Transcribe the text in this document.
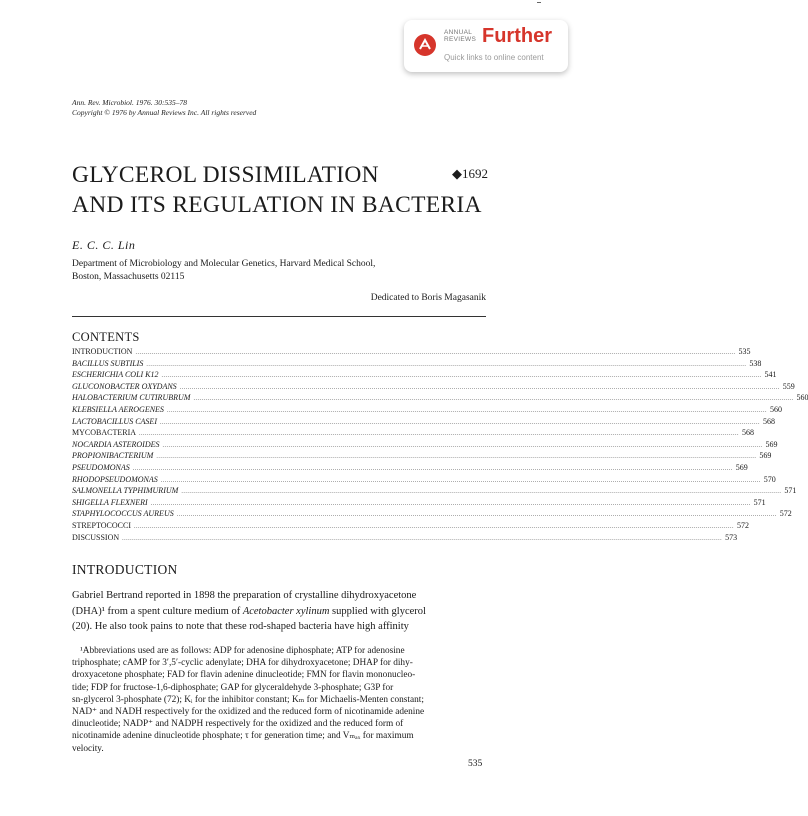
ANNUAL
REVIEWS Further
Quick links to online content
Ann. Rev. Microbiol. 1976. 30:535–78
Copyright © 1976 by Annual Reviews Inc. All rights reserved
GLYCEROL DISSIMILATION
AND ITS REGULATION IN BACTERIA
◆1692
E. C. C. Lin
Department of Microbiology and Molecular Genetics, Harvard Medical School,
Boston, Massachusetts 02115
Dedicated to Boris Magasanik
CONTENTS
INTRODUCTION ............................................................................................................................................................................................................................................................................................................ 535
BACILLUS SUBTILIS ............................................................................................................................................................................................................................................................................................................ 538
ESCHERICHIA COLI K12 ............................................................................................................................................................................................................................................................................................................ 541
GLUCONOBACTER OXYDANS ............................................................................................................................................................................................................................................................................................................ 559
HALOBACTERIUM CUTIRUBRUM ............................................................................................................................................................................................................................................................................................................ 560
KLEBSIELLA AEROGENES ............................................................................................................................................................................................................................................................................................................ 560
LACTOBACILLUS CASEI ............................................................................................................................................................................................................................................................................................................ 568
MYCOBACTERIA ............................................................................................................................................................................................................................................................................................................ 568
NOCARDIA ASTEROIDES ............................................................................................................................................................................................................................................................................................................ 569
PROPIONIBACTERIUM ............................................................................................................................................................................................................................................................................................................ 569
PSEUDOMONAS ............................................................................................................................................................................................................................................................................................................ 569
RHODOPSEUDOMONAS ............................................................................................................................................................................................................................................................................................................ 570
SALMONELLA TYPHIMURIUM ............................................................................................................................................................................................................................................................................................................ 571
SHIGELLA FLEXNERI ............................................................................................................................................................................................................................................................................................................ 571
STAPHYLOCOCCUS AUREUS ............................................................................................................................................................................................................................................................................................................ 572
STREPTOCOCCI ............................................................................................................................................................................................................................................................................................................ 572
DISCUSSION ............................................................................................................................................................................................................................................................................................................ 573
INTRODUCTION
Gabriel Bertrand reported in 1898 the preparation of crystalline dihydroxyacetone
(DHA)¹ from a spent culture medium of Acetobacter xylinum supplied with glycerol
(20). He also took pains to note that these rod-shaped bacteria have high affinity
¹Abbreviations used are as follows: ADP for adenosine diphosphate; ATP for adenosine
triphosphate; cAMP for 3′,5′-cyclic adenylate; DHA for dihydroxyacetone; DHAP for dihy-
droxyacetone phosphate; FAD for flavin adenine dinucleotide; FMN for flavin mononucleo-
tide; FDP for fructose-1,6-diphosphate; GAP for glyceraldehyde 3-phosphate; G3P for
sn-glycerol 3-phosphate (72); Kᵢ for the inhibitor constant; Kₘ for Michaelis-Menten constant;
NAD⁺ and NADH respectively for the oxidized and the reduced form of nicotinamide adenine
dinucleotide; NADP⁺ and NADPH respectively for the oxidized and the reduced form of
nicotinamide adenine dinucleotide phosphate; τ for generation time; and Vₘₐₓ for maximum
velocity.
535
